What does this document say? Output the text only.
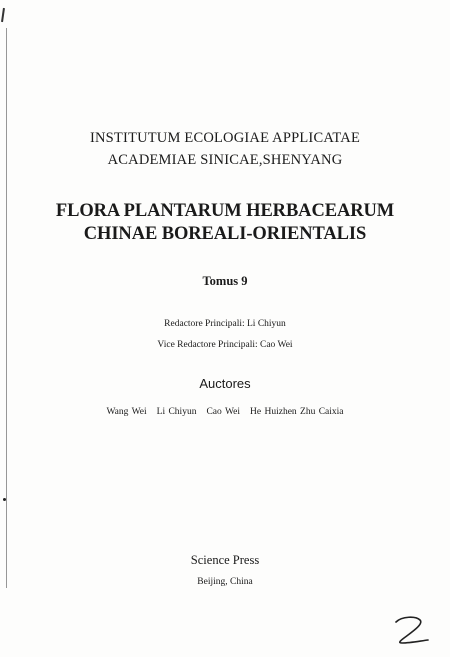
INSTITUTUM ECOLOGIAE APPLICATAE
ACADEMIAE SINICAE,SHENYANG
FLORA PLANTARUM HERBACEARUM
CHINAE BOREALI-ORIENTALIS
Tomus 9
Redactore Principali: Li Chiyun
Vice Redactore Principali: Cao Wei
Auctores
Wang Wei Li Chiyun Cao Wei He Huizhen Zhu Caixia
Science Press
Beijing, China
